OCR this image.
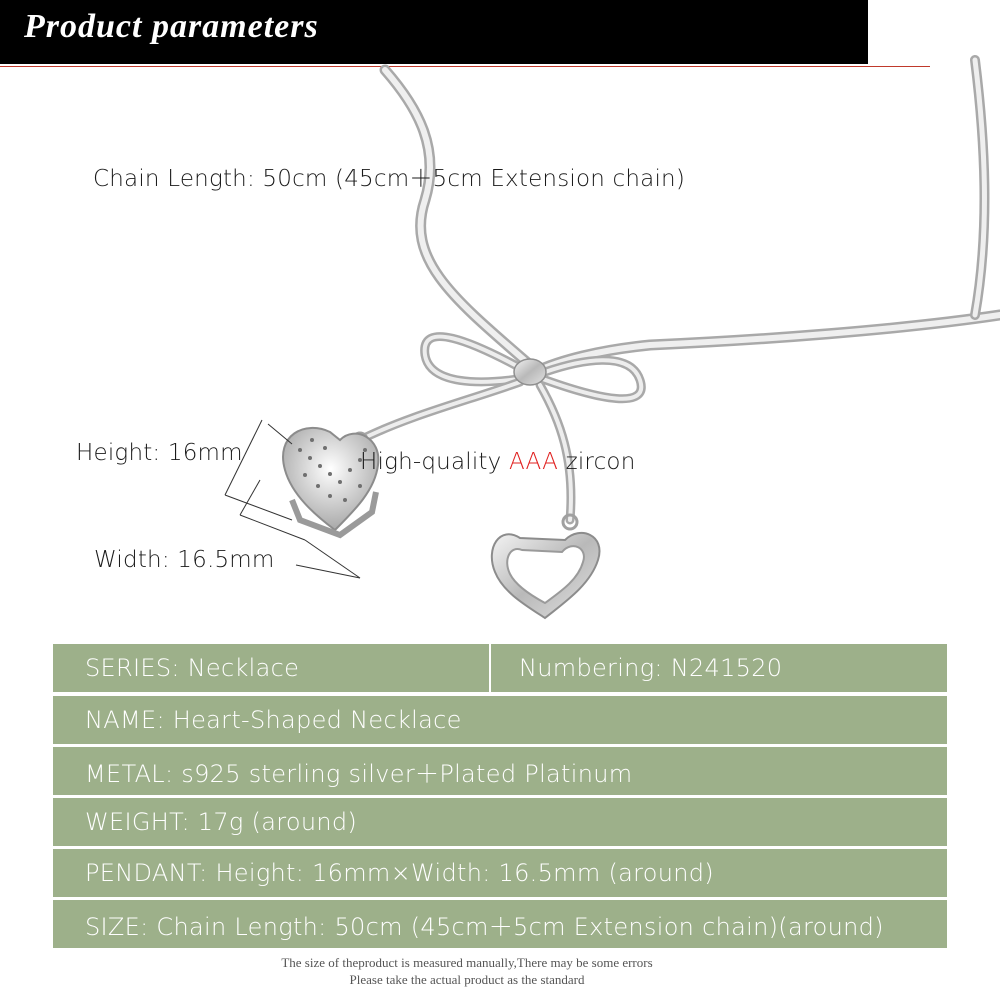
Product parameters
Chain Length: 50cm (45cm＋5cm Extension chain)
Height: 16mm
Width: 16.5mm
High-quality AAA zircon
SERIES: Necklace	Numbering: N241520
NAME: Heart-Shaped Necklace
METAL: s925 sterling silver＋Plated Platinum
WEIGHT: 17g (around)
PENDANT: Height: 16mm×Width: 16.5mm (around)
SIZE: Chain Length: 50cm (45cm＋5cm Extension chain)(around)
The size of theproduct is measured manually,There may be some errors
Please take the actual product as the standard
